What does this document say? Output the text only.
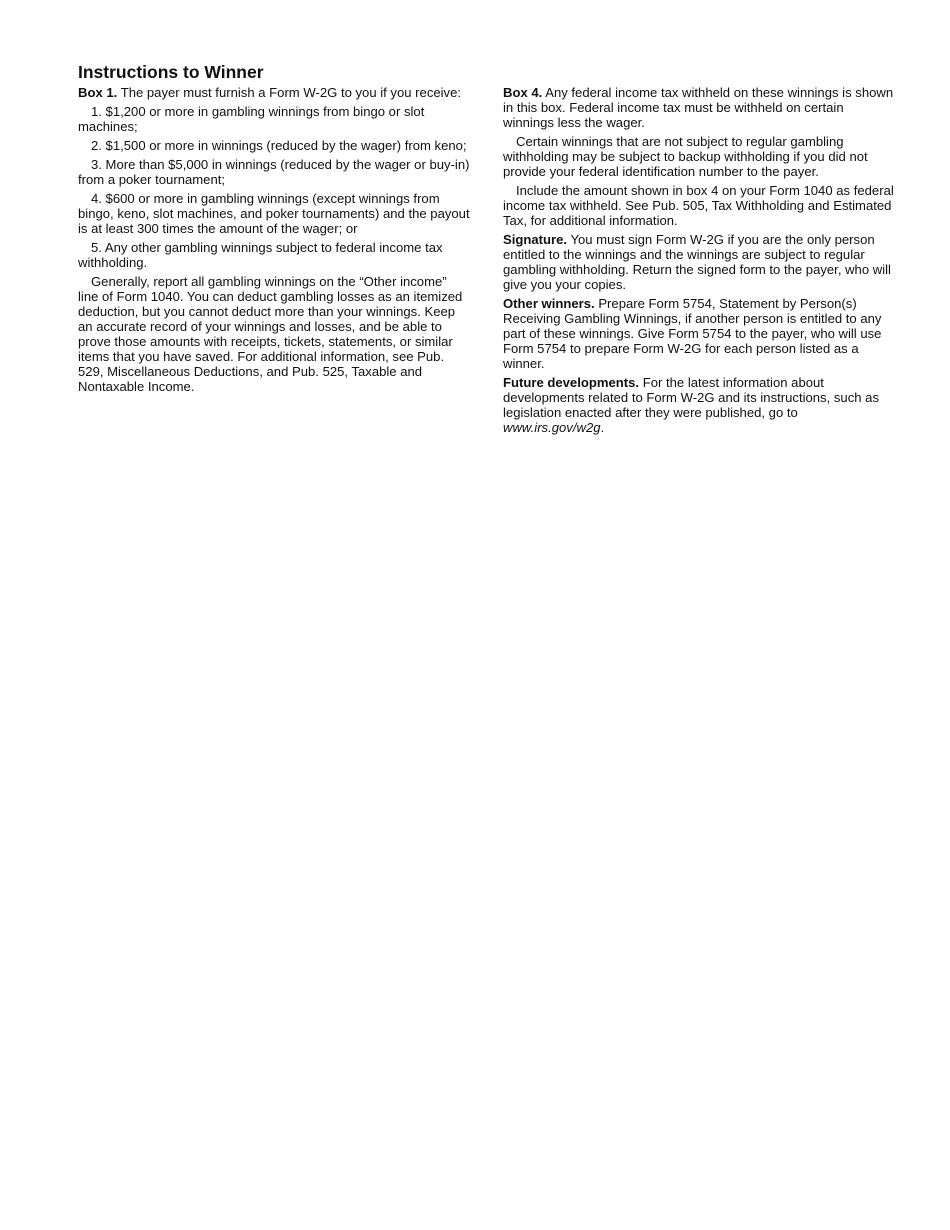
Instructions to Winner

Box 1. The payer must furnish a Form W-2G to you if you receive:

1. $1,200 or more in gambling winnings from bingo or slot machines;

2. $1,500 or more in winnings (reduced by the wager) from keno;

3. More than $5,000 in winnings (reduced by the wager or buy-in) from a poker tournament;

4. $600 or more in gambling winnings (except winnings from bingo, keno, slot machines, and poker tournaments) and the payout is at least 300 times the amount of the wager; or

5. Any other gambling winnings subject to federal income tax withholding.

Generally, report all gambling winnings on the “Other income” line of Form 1040. You can deduct gambling losses as an itemized deduction, but you cannot deduct more than your winnings. Keep an accurate record of your winnings and losses, and be able to prove those amounts with receipts, tickets, statements, or similar items that you have saved. For additional information, see Pub. 529, Miscellaneous Deductions, and Pub. 525, Taxable and Nontaxable Income.

Box 4. Any federal income tax withheld on these winnings is shown in this box. Federal income tax must be withheld on certain winnings less the wager.

Certain winnings that are not subject to regular gambling withholding may be subject to backup withholding if you did not provide your federal identification number to the payer.

Include the amount shown in box 4 on your Form 1040 as federal income tax withheld. See Pub. 505, Tax Withholding and Estimated Tax, for additional information.

Signature. You must sign Form W-2G if you are the only person entitled to the winnings and the winnings are subject to regular gambling withholding. Return the signed form to the payer, who will give you your copies.

Other winners. Prepare Form 5754, Statement by Person(s) Receiving Gambling Winnings, if another person is entitled to any part of these winnings. Give Form 5754 to the payer, who will use Form 5754 to prepare Form W-2G for each person listed as a winner.

Future developments. For the latest information about developments related to Form W-2G and its instructions, such as legislation enacted after they were published, go to www.irs.gov/w2g.
